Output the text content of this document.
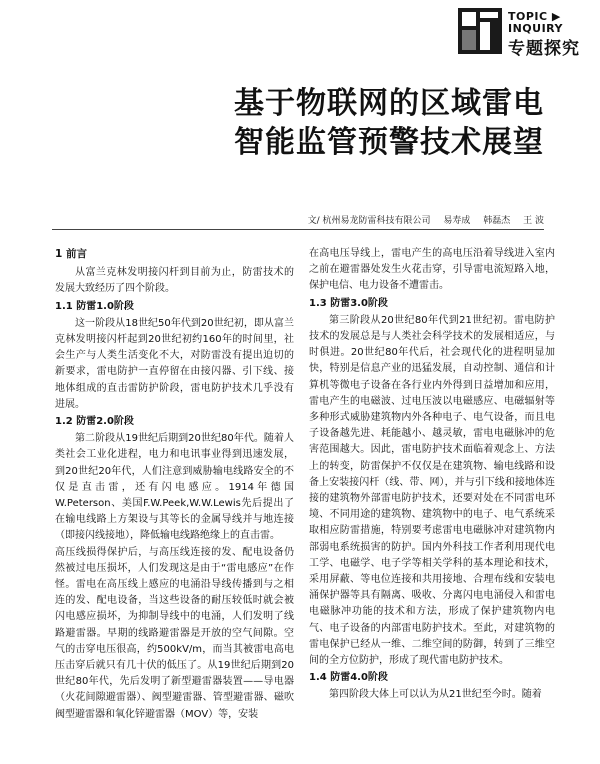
TOPIC ▶
INQUIRY
专题探究
基于物联网的区域雷电
智能监管预警技术展望
文/ 杭州易龙防雷科技有限公司 易寿成 韩磊杰 王 波
1 前言

从富兰克林发明接闪杆到目前为止，防雷技术的发展大致经历了四个阶段。

1.1 防雷1.0阶段

这一阶段从18世纪50年代到20世纪初，即从富兰克林发明接闪杆起到20世纪初约160年的时间里，社会生产与人类生活变化不大，对防雷没有提出迫切的新要求，雷电防护一直停留在由接闪器、引下线、接地体组成的直击雷防护阶段，雷电防护技术几乎没有进展。

1.2 防雷2.0阶段

第二阶段从19世纪后期到20世纪80年代。随着人类社会工业化进程，电力和电讯事业得到迅速发展，到20世纪20年代，人们注意到威胁输电线路安全的不仅是直击雷，还有闪电感应。1914年德国W.Peterson、美国F.W.Peek,W.W.Lewis先后提出了在输电线路上方架设与其等长的金属导线并与地连接（即接闪线接地），降低输电线路绝缘上的直击雷。

高压线损得保护后，与高压线连接的发、配电设备仍然被过电压损坏，人们发现这是由于“雷电感应”在作怪。雷电在高压线上感应的电涌沿导线传播到与之相连的发、配电设备，当这些设备的耐压较低时就会被闪电感应损坏，为抑制导线中的电涌，人们发明了线路避雷器。早期的线路避雷器是开放的空气间隙。空气的击穿电压很高，约500kV/m，而当其被雷电高电压击穿后就只有几十伏的低压了。从19世纪后期到20世纪80年代，先后发明了新型避雷器装置——导电器（火花间隙避雷器）、阀型避雷器、管型避雷器、磁吹阀型避雷器和氧化锌避雷器（MOV）等，安装

在高电压导线上，雷电产生的高电压沿着导线进入室内之前在避雷器处发生火花击穿，引导雷电流短路入地，保护电信、电力设备不遭雷击。

1.3 防雷3.0阶段

第三阶段从20世纪80年代到21世纪初。雷电防护技术的发展总是与人类社会科学技术的发展相适应，与时俱进。20世纪80年代后，社会现代化的进程明显加快，特别是信息产业的迅猛发展，自动控制、通信和计算机等微电子设备在各行业内外得到日益增加和应用，雷电产生的电磁波、过电压波以电磁感应、电磁辐射等多种形式威胁建筑物内外各种电子、电气设备，而且电子设备越先进、耗能越小、越灵敏，雷电电磁脉冲的危害范围越大。因此，雷电防护技术面临着观念上、方法上的转变，防雷保护不仅仅是在建筑物、输电线路和设备上安装接闪杆（线、带、网），并与引下线和接地体连接的建筑物外部雷电防护技术，还要对处在不同雷电环境、不同用途的建筑物、建筑物中的电子、电气系统采取相应防雷措施，特别要考虑雷电电磁脉冲对建筑物内部弱电系统损害的防护。国内外科技工作者利用现代电工学、电磁学、电子学等相关学科的基本理论和技术，采用屏蔽、等电位连接和共用接地、合理布线和安装电涌保护器等具有隔离、吸收、分离闪电电涌侵入和雷电电磁脉冲功能的技术和方法，形成了保护建筑物内电气、电子设备的内部雷电防护技术。至此，对建筑物的雷电保护已经从一维、二维空间的防御，转到了三维空间的全方位防护，形成了现代雷电防护技术。

1.4 防雷4.0阶段

第四阶段大体上可以认为从21世纪至今时。随着
